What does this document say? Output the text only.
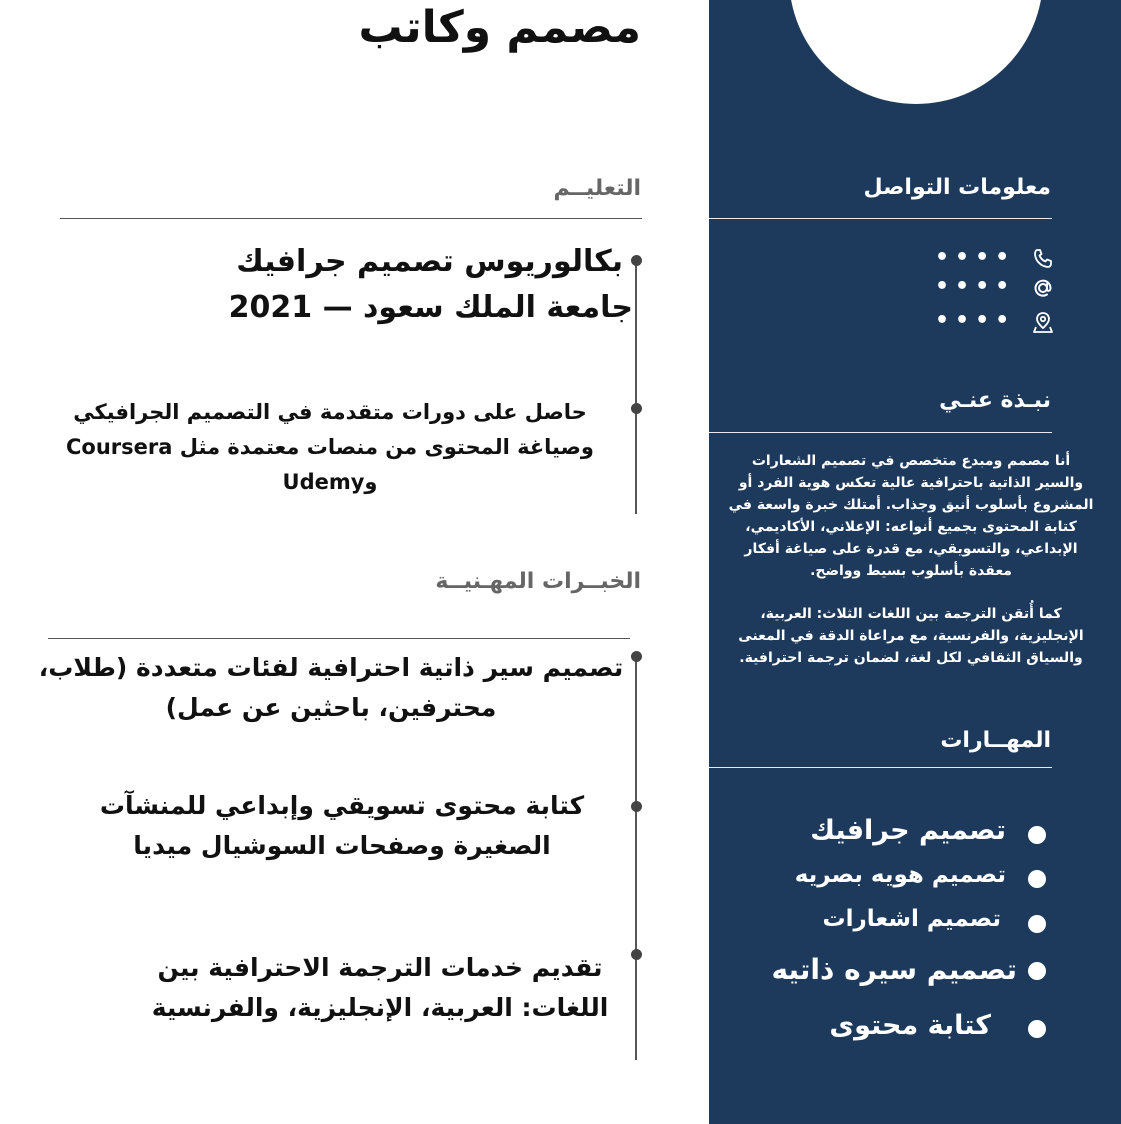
معلومات التواصل
••••
••••
••••
نبـذة عنـي
أنا مصمم ومبدع متخصص في تصميم الشعارات والسير الذاتية باحترافية عالية تعكس هوية الفرد أو المشروع بأسلوب أنيق وجذاب. أمتلك خبرة واسعة في كتابة المحتوى بجميع أنواعه: الإعلاني، الأكاديمي، الإبداعي، والتسويقي، مع قدرة على صياغة أفكار معقدة بأسلوب بسيط وواضح.
كما أُتقن الترجمة بين اللغات الثلاث: العربية، الإنجليزية، والفرنسية، مع مراعاة الدقة في المعنى والسياق الثقافي لكل لغة، لضمان ترجمة احترافية.
المهــارات
تصميم جرافيك
تصميم هويه بصريه
تصميم اشعارات
تصميم سيره ذاتيه
كتابة محتوى
مصمم وكاتب
التعليــم
بكالوريوس تصميم جرافيك
جامعة الملك سعود — 2021
حاصل على دورات متقدمة في التصميم الجرافيكي وصياغة المحتوى من منصات معتمدة مثل Coursera وUdemy
الخبــرات المهـنيــة
تصميم سير ذاتية احترافية لفئات متعددة (طلاب، محترفين، باحثين عن عمل)
كتابة محتوى تسويقي وإبداعي للمنشآت الصغيرة وصفحات السوشيال ميديا
تقديم خدمات الترجمة الاحترافية بين اللغات: العربية، الإنجليزية، والفرنسية
